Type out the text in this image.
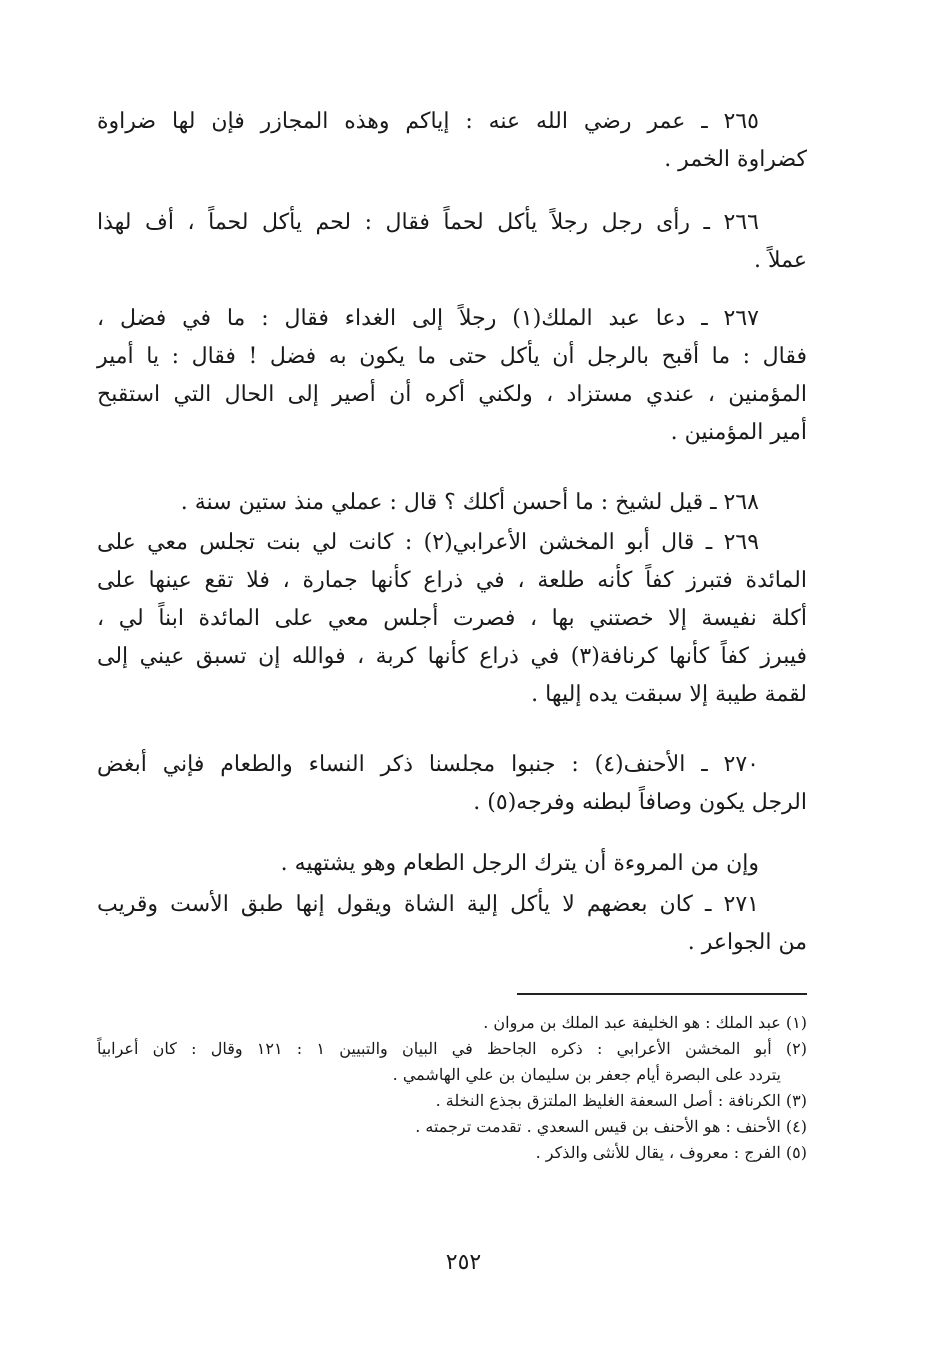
٢٦٥ ـ عمر رضي الله عنه : إياكم وهذه المجازر فإن لها ضراوة
كضراوة الخمر .
٢٦٦ ـ رأى رجل رجلاً يأكل لحماً فقال : لحم يأكل لحماً ، أف لهذا
عملاً .
٢٦٧ ـ دعا عبد الملك(١) رجلاً إلى الغداء فقال : ما في فضل ،
فقال : ما أقبح بالرجل أن يأكل حتى ما يكون به فضل ! فقال : يا أمير
المؤمنين ، عندي مستزاد ، ولكني أكره أن أصير إلى الحال التي استقبح
أمير المؤمنين .
٢٦٨ ـ قيل لشيخ : ما أحسن أكلك ؟ قال : عملي منذ ستين سنة .
٢٦٩ ـ قال أبو المخشن الأعرابي(٢) : كانت لي بنت تجلس معي على
المائدة فتبرز كفاً كأنه طلعة ، في ذراع كأنها جمارة ، فلا تقع عينها على
أكلة نفيسة إلا خصتني بها ، فصرت أجلس معي على المائدة ابناً لي ،
فيبرز كفاً كأنها كرنافة(٣) في ذراع كأنها كربة ، فوالله إن تسبق عيني إلى
لقمة طيبة إلا سبقت يده إليها .
٢٧٠ ـ الأحنف(٤) : جنبوا مجلسنا ذكر النساء والطعام فإني أبغض
الرجل يكون وصافاً لبطنه وفرجه(٥) .
وإن من المروءة أن يترك الرجل الطعام وهو يشتهيه .
٢٧١ ـ كان بعضهم لا يأكل إلية الشاة ويقول إنها طبق الأست وقريب
من الجواعر .
(١) عبد الملك : هو الخليفة عبد الملك بن مروان .
(٢) أبو المخشن الأعرابي : ذكره الجاحظ في البيان والتبيين ١ : ١٢١ وقال : كان أعرابياً
يتردد على البصرة أيام جعفر بن سليمان بن علي الهاشمي .
(٣) الكرنافة : أصل السعفة الغليظ الملتزق بجذع النخلة .
(٤) الأحنف : هو الأحنف بن قيس السعدي . تقدمت ترجمته .
(٥) الفرج : معروف ، يقال للأنثى والذكر .
٢٥٢
